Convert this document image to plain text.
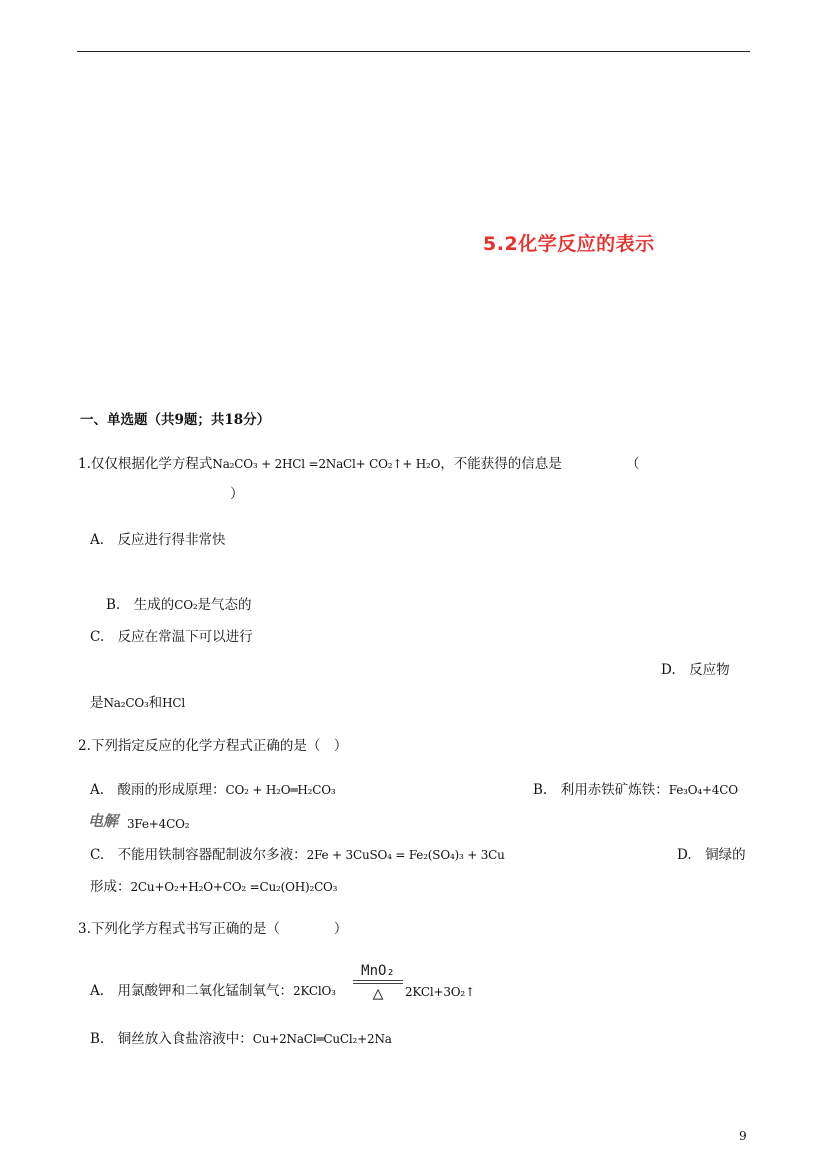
5.2化学反应的表示
一、单选题（共9题；共18分）
1.仅仅根据化学方程式Na₂CO₃ + 2HCl =2NaCl+ CO₂↑+ H₂O，不能获得的信息是	（
）
A.　反应进行得非常快
B.　生成的CO₂是气态的
C.　反应在常温下可以进行
D.　反应物
是Na₂CO₃和HCl
2.下列指定反应的化学方程式正确的是（　）
A.　酸雨的形成原理：CO₂ + H₂O═H₂CO₃	B.　利用赤铁矿炼铁：Fe₃O₄+4CO
电解 3Fe+4CO₂
C.　不能用铁制容器配制波尔多液：2Fe + 3CuSO₄ = Fe₂(SO₄)₃ + 3Cu	D.　铜绿的
形成：2Cu+O₂+H₂O+CO₂ =Cu₂(OH)₂CO₃
3.下列化学方程式书写正确的是（　　　　）
A.　用氯酸钾和二氧化锰制氧气：2KClO₃
MnO₂
△	2KCl+3O₂↑
B.　铜丝放入食盐溶液中：Cu+2NaCl═CuCl₂+2Na
9
